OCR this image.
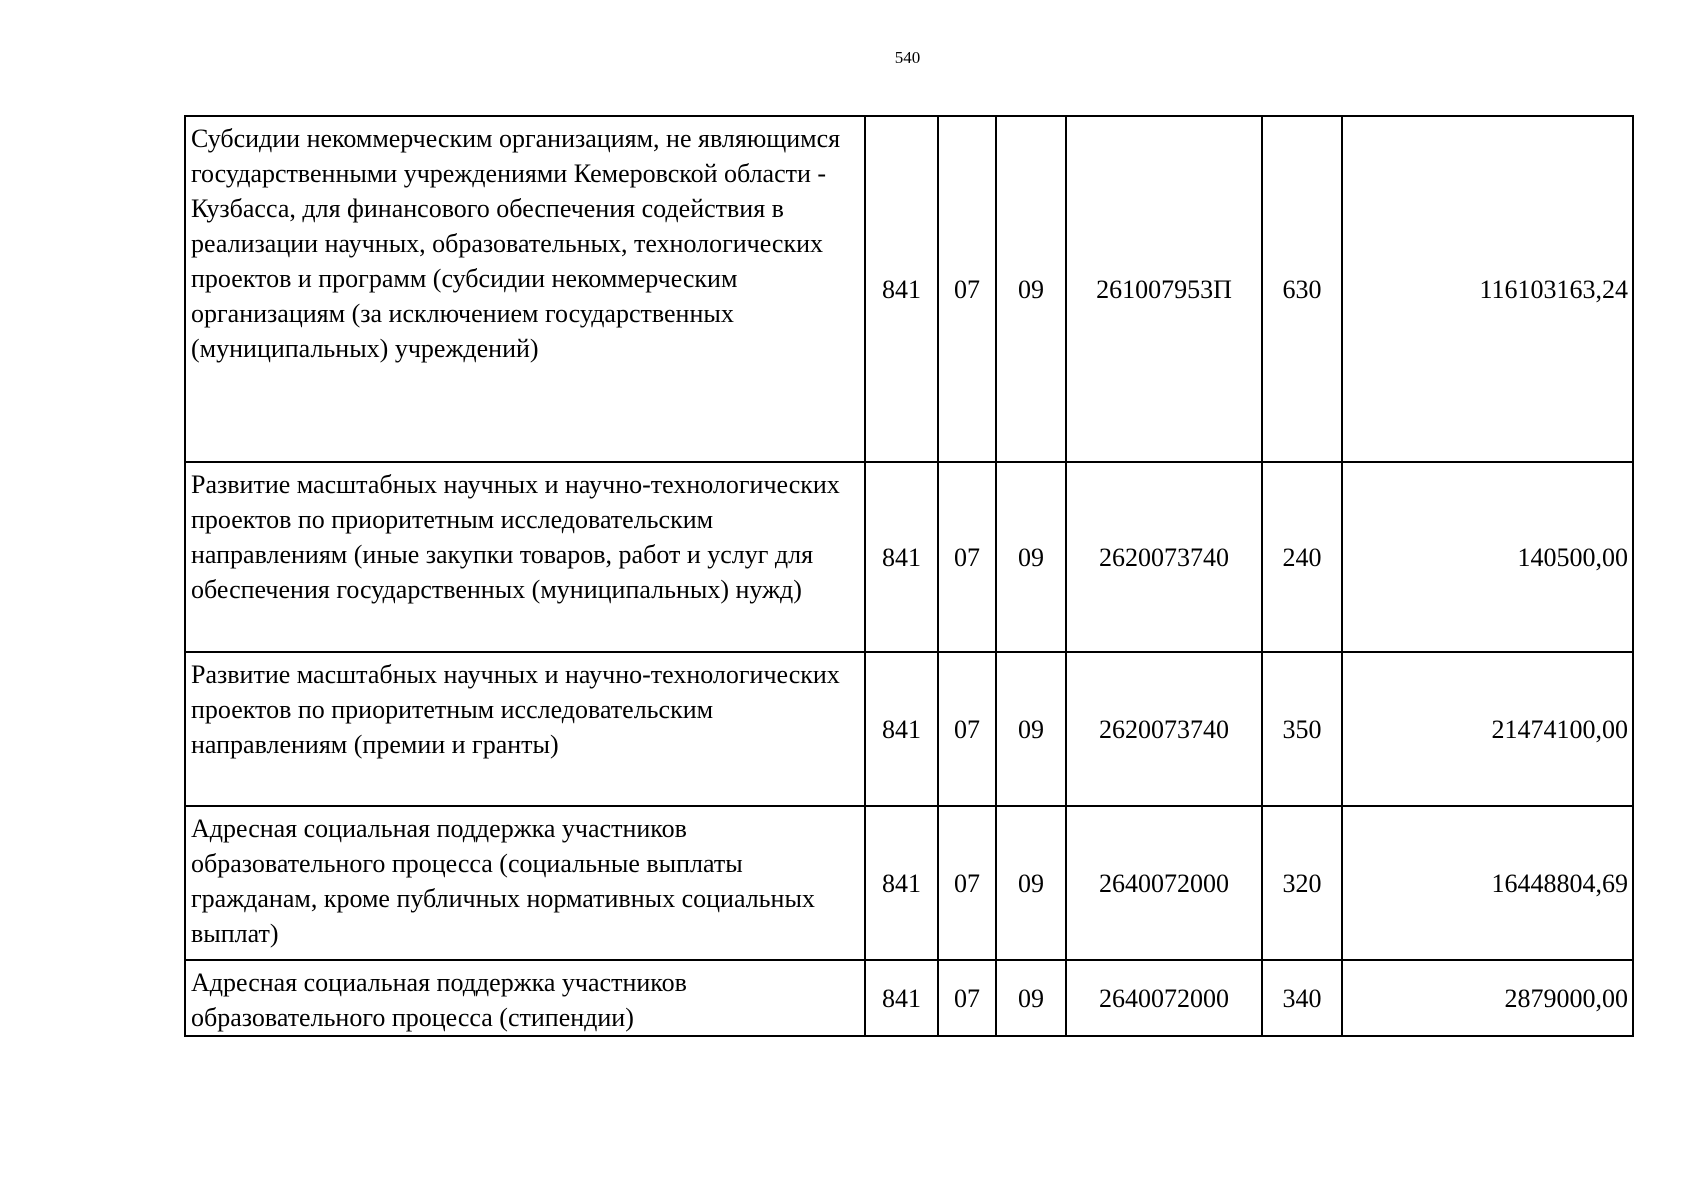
540
Субсидии некоммерческим организациям, не являющимся государственными учреждениями Кемеровской области - Кузбасса, для финансового обеспечения содействия в реализации научных, образовательных, технологических проектов и программ (субсидии некоммерческим организациям (за исключением государственных (муниципальных) учреждений)	841	07	09	261007953П	630	116103163,24
Развитие масштабных научных и научно-технологических проектов по приоритетным исследовательским направлениям (иные закупки товаров, работ и услуг для обеспечения государственных (муниципальных) нужд)	841	07	09	2620073740	240	140500,00
Развитие масштабных научных и научно-технологических проектов по приоритетным исследовательским направлениям (премии и гранты)	841	07	09	2620073740	350	21474100,00
Адресная социальная поддержка участников образовательного процесса (социальные выплаты гражданам, кроме публичных нормативных социальных выплат)	841	07	09	2640072000	320	16448804,69
Адресная социальная поддержка участников образовательного процесса (стипендии)	841	07	09	2640072000	340	2879000,00
